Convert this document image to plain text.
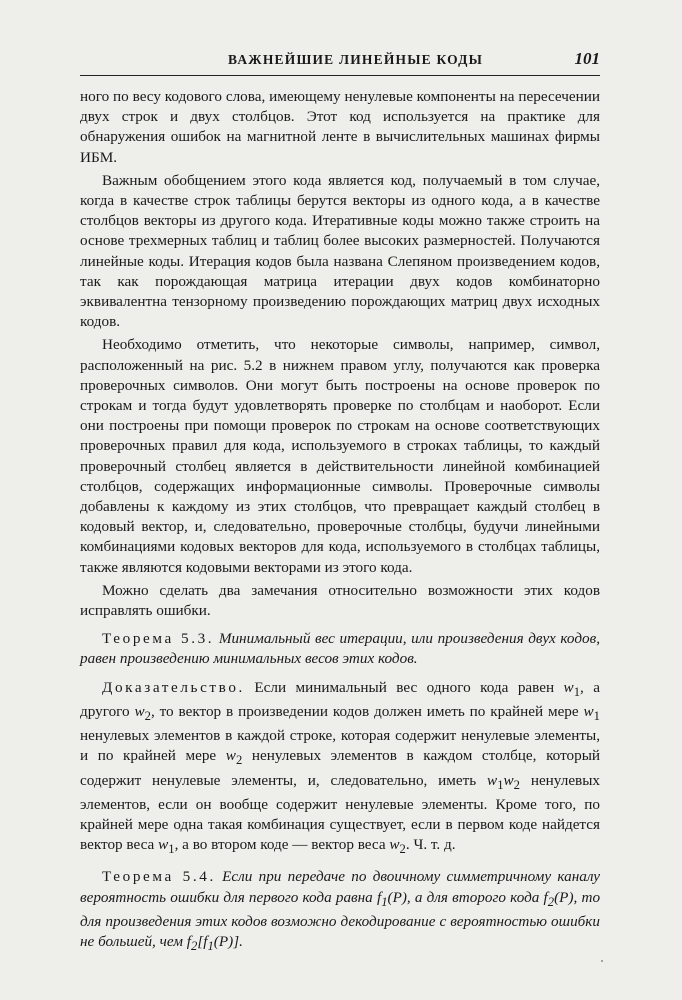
ВАЖНЕЙШИЕ ЛИНЕЙНЫЕ КОДЫ	101

ного по весу кодового слова, имеющему ненулевые компоненты на пересечении двух строк и двух столбцов. Этот код используется на практике для обнаружения ошибок на магнитной ленте в вычислительных машинах фирмы ИБМ.

Важным обобщением этого кода является код, получаемый в том случае, когда в качестве строк таблицы берутся векторы из одного кода, а в качестве столбцов векторы из другого кода. Итеративные коды можно также строить на основе трехмерных таблиц и таблиц более высоких размерностей. Получаются линейные коды. Итерация кодов была названа Слепяном произведением кодов, так как порождающая матрица итерации двух кодов комбинаторно эквивалентна тензорному произведению порождающих матриц двух исходных кодов.

Необходимо отметить, что некоторые символы, например, символ, расположенный на рис. 5.2 в нижнем правом углу, получаются как проверка проверочных символов. Они могут быть построены на основе проверок по строкам и тогда будут удовлетворять проверке по столбцам и наоборот. Если они построены при помощи проверок по строкам на основе соответствующих проверочных правил для кода, используемого в строках таблицы, то каждый проверочный столбец является в действительности линейной комбинацией столбцов, содержащих информационные символы. Проверочные символы добавлены к каждому из этих столбцов, что превращает каждый столбец в кодовый вектор, и, следовательно, проверочные столбцы, будучи линейными комбинациями кодовых векторов для кода, используемого в столбцах таблицы, также являются кодовыми векторами из этого кода.

Можно сделать два замечания относительно возможности этих кодов исправлять ошибки.

Теорема 5.3. Минимальный вес итерации, или произведения двух кодов, равен произведению минимальных весов этих кодов.

Доказательство. Если минимальный вес одного кода равен $w_1$, а другого $w_2$, то вектор в произведении кодов должен иметь по крайней мере $w_1$ ненулевых элементов в каждой строке, которая содержит ненулевые элементы, и по крайней мере $w_2$ ненулевых элементов в каждом столбце, который содержит ненулевые элементы, и, следовательно, иметь $w_1w_2$ ненулевых элементов, если он вообще содержит ненулевые элементы. Кроме того, по крайней мере одна такая комбинация существует, если в первом коде найдется вектор веса $w_1$, а во втором коде — вектор веса $w_2$. Ч. т. д.

Теорема 5.4. Если при передаче по двоичному симметричному каналу вероятность ошибки для первого кода равна $f_1(P)$, а для второго кода $f_2(P)$, то для произведения этих кодов возможно декодирование с вероятностью ошибки не большей, чем $f_2[f_1(P)]$.
